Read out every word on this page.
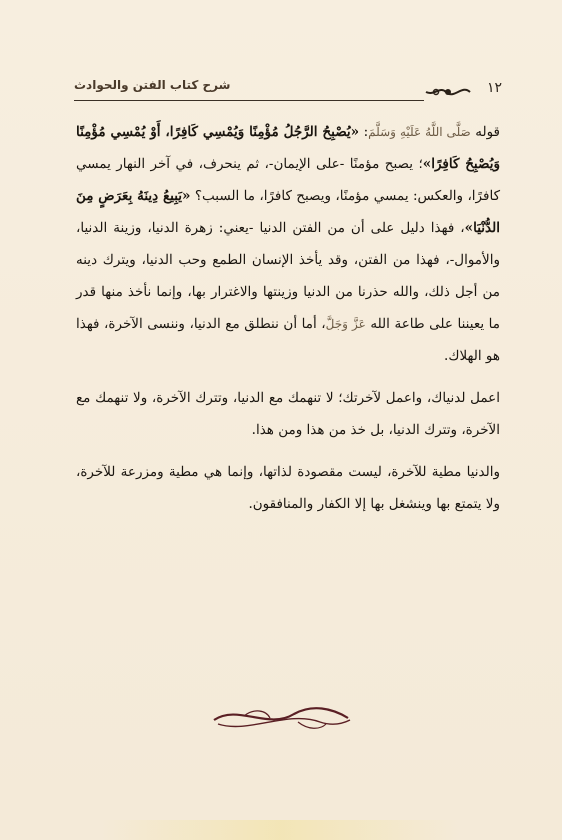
١٢
شرح كتاب الفتن والحوادث

قوله صَلَّى اللَّهُ عَلَيْهِ وَسَلَّمَ: «يُصْبِحُ الرَّجُلُ مُؤْمِنًا وَيُمْسِي كَافِرًا، أَوْ يُمْسِي مُؤْمِنًا وَيُصْبِحُ كَافِرًا»؛ يصبح مؤمنًا -على الإيمان-، ثم ينحرف، في آخر النهار يمسي كافرًا، والعكس: يمسي مؤمنًا، ويصبح كافرًا، ما السبب؟ «يَبِيعُ دِينَهُ بِعَرَضٍ مِنَ الدُّنْيَا»، فهذا دليل على أن من الفتن الدنيا -يعني: زهرة الدنيا، وزينة الدنيا، والأموال-، فهذا من الفتن، وقد يأخذ الإنسان الطمع وحب الدنيا، ويترك دينه من أجل ذلك، والله حذرنا من الدنيا وزينتها والاغترار بها، وإنما نأخذ منها قدر ما يعيننا على طاعة الله عَزَّ وَجَلَّ، أما أن ننطلق مع الدنيا، وننسى الآخرة، فهذا هو الهلاك.

اعمل لدنياك، واعمل لآخرتك؛ لا تنهمك مع الدنيا، وتترك الآخرة، ولا تنهمك مع الآخرة، وتترك الدنيا، بل خذ من هذا ومن هذا.

والدنيا مطية للآخرة، ليست مقصودة لذاتها، وإنما هي مطية ومزرعة للآخرة، ولا يتمتع بها وينشغل بها إلا الكفار والمنافقون.
